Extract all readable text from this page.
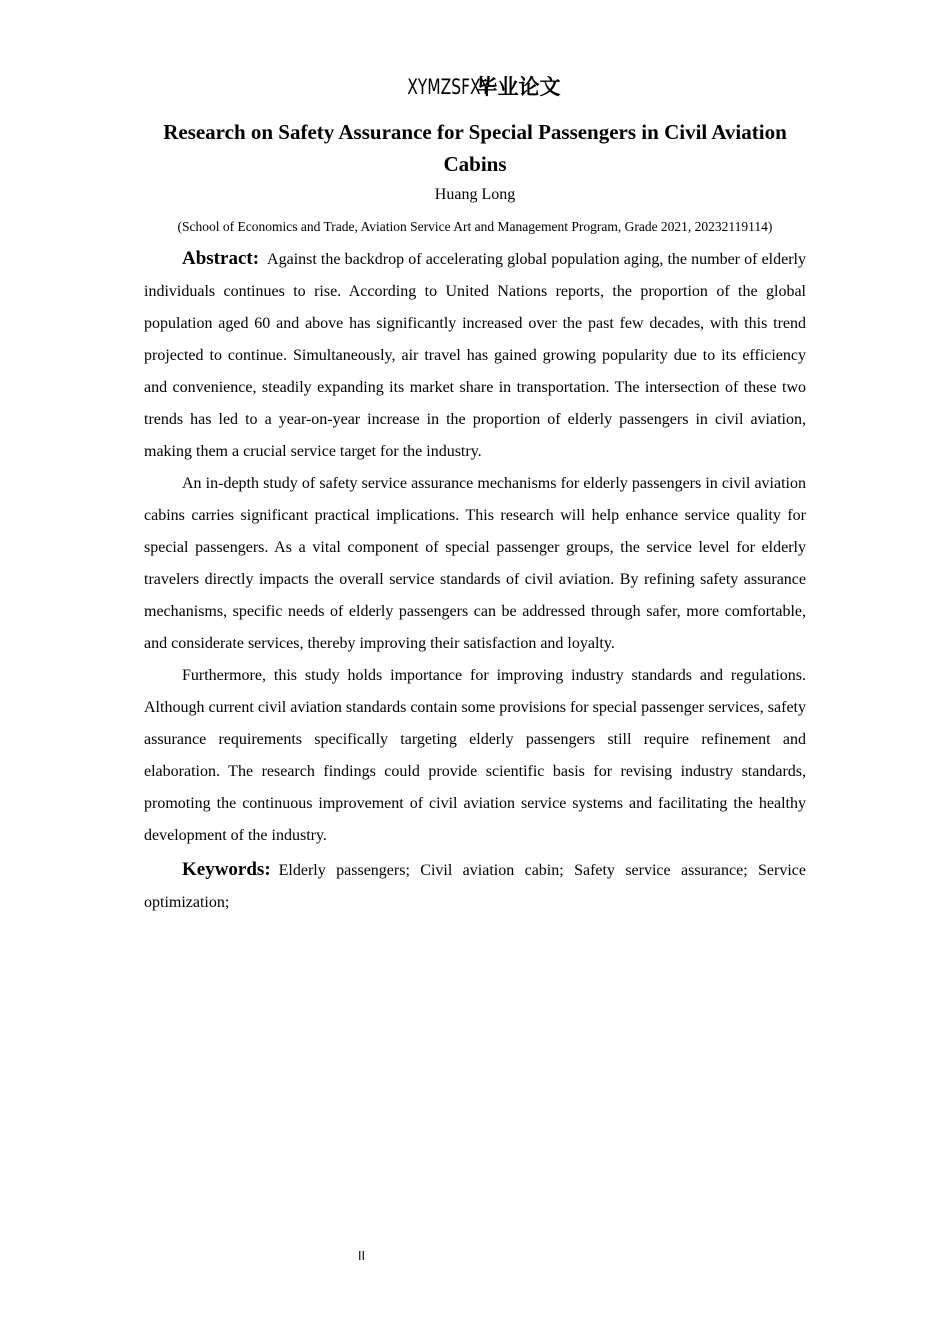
XYMZSFXY毕业论文
Research on Safety Assurance for Special Passengers in Civil Aviation Cabins
Huang Long
(School of Economics and Trade, Aviation Service Art and Management Program, Grade 2021, 20232119114)

Abstract: Against the backdrop of accelerating global population aging, the number of elderly individuals continues to rise. According to United Nations reports, the proportion of the global population aged 60 and above has significantly increased over the past few decades, with this trend projected to continue. Simultaneously, air travel has gained growing popularity due to its efficiency and convenience, steadily expanding its market share in transportation. The intersection of these two trends has led to a year-on-year increase in the proportion of elderly passengers in civil aviation, making them a crucial service target for the industry.

An in-depth study of safety service assurance mechanisms for elderly passengers in civil aviation cabins carries significant practical implications. This research will help enhance service quality for special passengers. As a vital component of special passenger groups, the service level for elderly travelers directly impacts the overall service standards of civil aviation. By refining safety assurance mechanisms, specific needs of elderly passengers can be addressed through safer, more comfortable, and considerate services, thereby improving their satisfaction and loyalty.

Furthermore, this study holds importance for improving industry standards and regulations. Although current civil aviation standards contain some provisions for special passenger services, safety assurance requirements specifically targeting elderly passengers still require refinement and elaboration. The research findings could provide scientific basis for revising industry standards, promoting the continuous improvement of civil aviation service systems and facilitating the healthy development of the industry.

Keywords: Elderly passengers; Civil aviation cabin; Safety service assurance; Service optimization;

II
